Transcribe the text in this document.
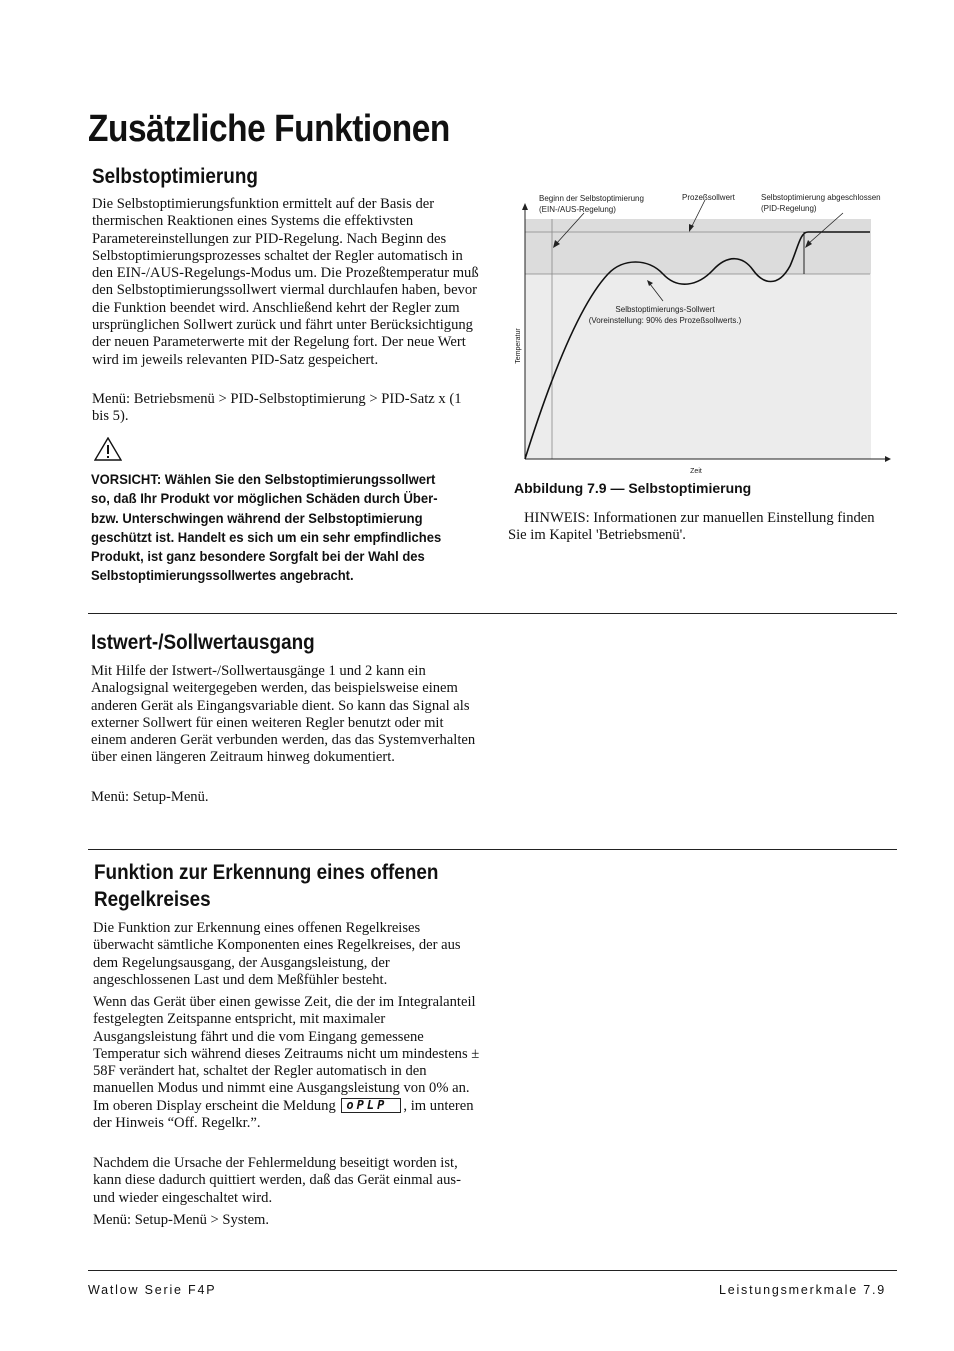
Zusätzliche Funktionen
Selbstoptimierung

Die Selbstoptimierungsfunktion ermittelt auf der Basis der thermischen Reaktionen eines Systems die effektivsten Parametereinstellungen zur PID-Regelung. Nach Beginn des Selbstoptimierungsprozesses schaltet der Regler automatisch in den EIN-/AUS-Regelungs-Modus um. Die Prozeßtemperatur muß den Selbstoptimierungssollwert viermal durchlaufen haben, bevor die Funktion beendet wird. Anschließend kehrt der Regler zum ursprünglichen Sollwert zurück und fährt unter Berücksichtigung der neuen Parameterwerte mit der Regelung fort. Der neue Wert wird im jeweils relevanten PID-Satz gespeichert.

Menü: Betriebsmenü > PID-Selbstoptimierung > PID-Satz x (1 bis 5).

VORSICHT: Wählen Sie den Selbstoptimierungssollwert so, daß Ihr Produkt vor möglichen Schäden durch Über- bzw. Unterschwingen während der Selbstoptimierung geschützt ist. Handelt es sich um ein sehr empfindliches Produkt, ist ganz besondere Sorgfalt bei der Wahl des Selbstoptimierungssollwertes angebracht.

Beginn der Selbstoptimierung
(EIN-/AUS-Regelung)
Prozeßsollwert	Selbstoptimierung abgeschlossen
(PID-Regelung)
Selbstoptimierungs-Sollwert
(Voreinstellung: 90% des Prozeßsollwerts.)
Temperatur
Zeit

Abbildung 7.9 — Selbstoptimierung

HINWEIS: Informationen zur manuellen Einstellung finden Sie im Kapitel 'Betriebsmenü'.

Istwert-/Sollwertausgang

Mit Hilfe der Istwert-/Sollwertausgänge 1 und 2 kann ein Analogsignal weitergegeben werden, das beispielsweise einem anderen Gerät als Eingangsvariable dient. So kann das Signal als externer Sollwert für einen weiteren Regler benutzt oder mit einem anderen Gerät verbunden werden, das das Systemverhalten über einen längeren Zeitraum hinweg dokumentiert.

Menü: Setup-Menü.

Funktion zur Erkennung eines offenen
Regelkreises

Die Funktion zur Erkennung eines offenen Regelkreises überwacht sämtliche Komponenten eines Regelkreises, der aus dem Regelungsausgang, der Ausgangsleistung, der angeschlossenen Last und dem Meßfühler besteht.

Wenn das Gerät über einen gewisse Zeit, die der im Integralanteil festgelegten Zeitspanne entspricht, mit maximaler Ausgangsleistung fährt und die vom Eingang gemessene Temperatur sich während dieses Zeitraums nicht um mindestens ± 58F verändert hat, schaltet der Regler automatisch in den manuellen Modus und nimmt eine Ausgangsleistung von 0% an. Im oberen Display erscheint die Meldung oPLP , im unteren der Hinweis “Off. Regelkr.”.

Nachdem die Ursache der Fehlermeldung beseitigt worden ist, kann diese dadurch quittiert werden, daß das Gerät einmal aus- und wieder eingeschaltet wird.

Menü: Setup-Menü > System.

Watlow Serie F4P	Leistungsmerkmale 7.9
